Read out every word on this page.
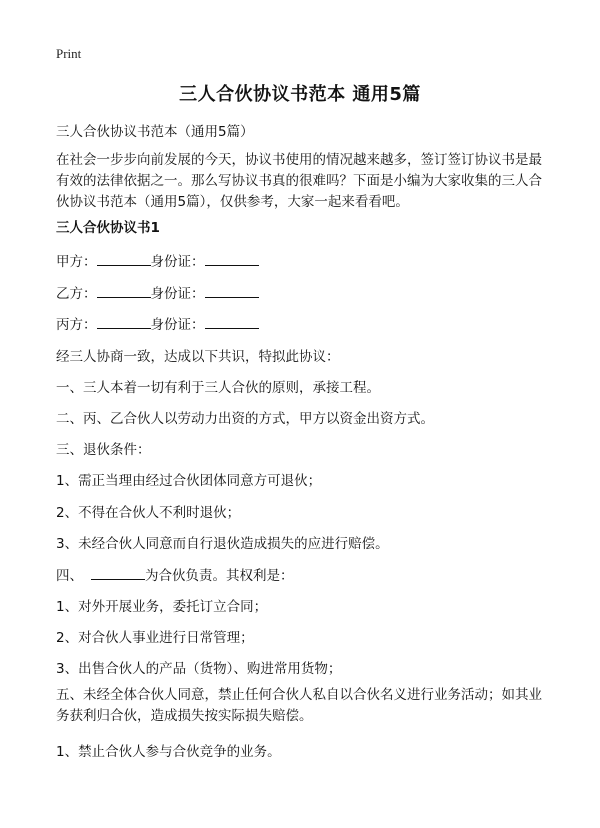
Print
三人合伙协议书范本 通用5篇
三人合伙协议书范本（通用5篇）
在社会一步步向前发展的今天，协议书使用的情况越来越多，签订签订协议书是最有效的法律依据之一。那么写协议书真的很难吗？下面是小编为大家收集的三人合伙协议书范本（通用5篇），仅供参考，大家一起来看看吧。
三人合伙协议书1
甲方：	身份证：
乙方：	身份证：
丙方：	身份证：
经三人协商一致，达成以下共识，特拟此协议：
一、三人本着一切有利于三人合伙的原则，承接工程。
二、丙、乙合伙人以劳动力出资的方式，甲方以资金出资方式。
三、退伙条件：
1、需正当理由经过合伙团体同意方可退伙；
2、不得在合伙人不利时退伙；
3、未经合伙人同意而自行退伙造成损失的应进行赔偿。
四、	为合伙负责。其权利是：
1、对外开展业务，委托订立合同；
2、对合伙人事业进行日常管理；
3、出售合伙人的产品（货物）、购进常用货物；
五、未经全体合伙人同意，禁止任何合伙人私自以合伙名义进行业务活动；如其业务获利归合伙，造成损失按实际损失赔偿。
1、禁止合伙人参与合伙竞争的业务。
